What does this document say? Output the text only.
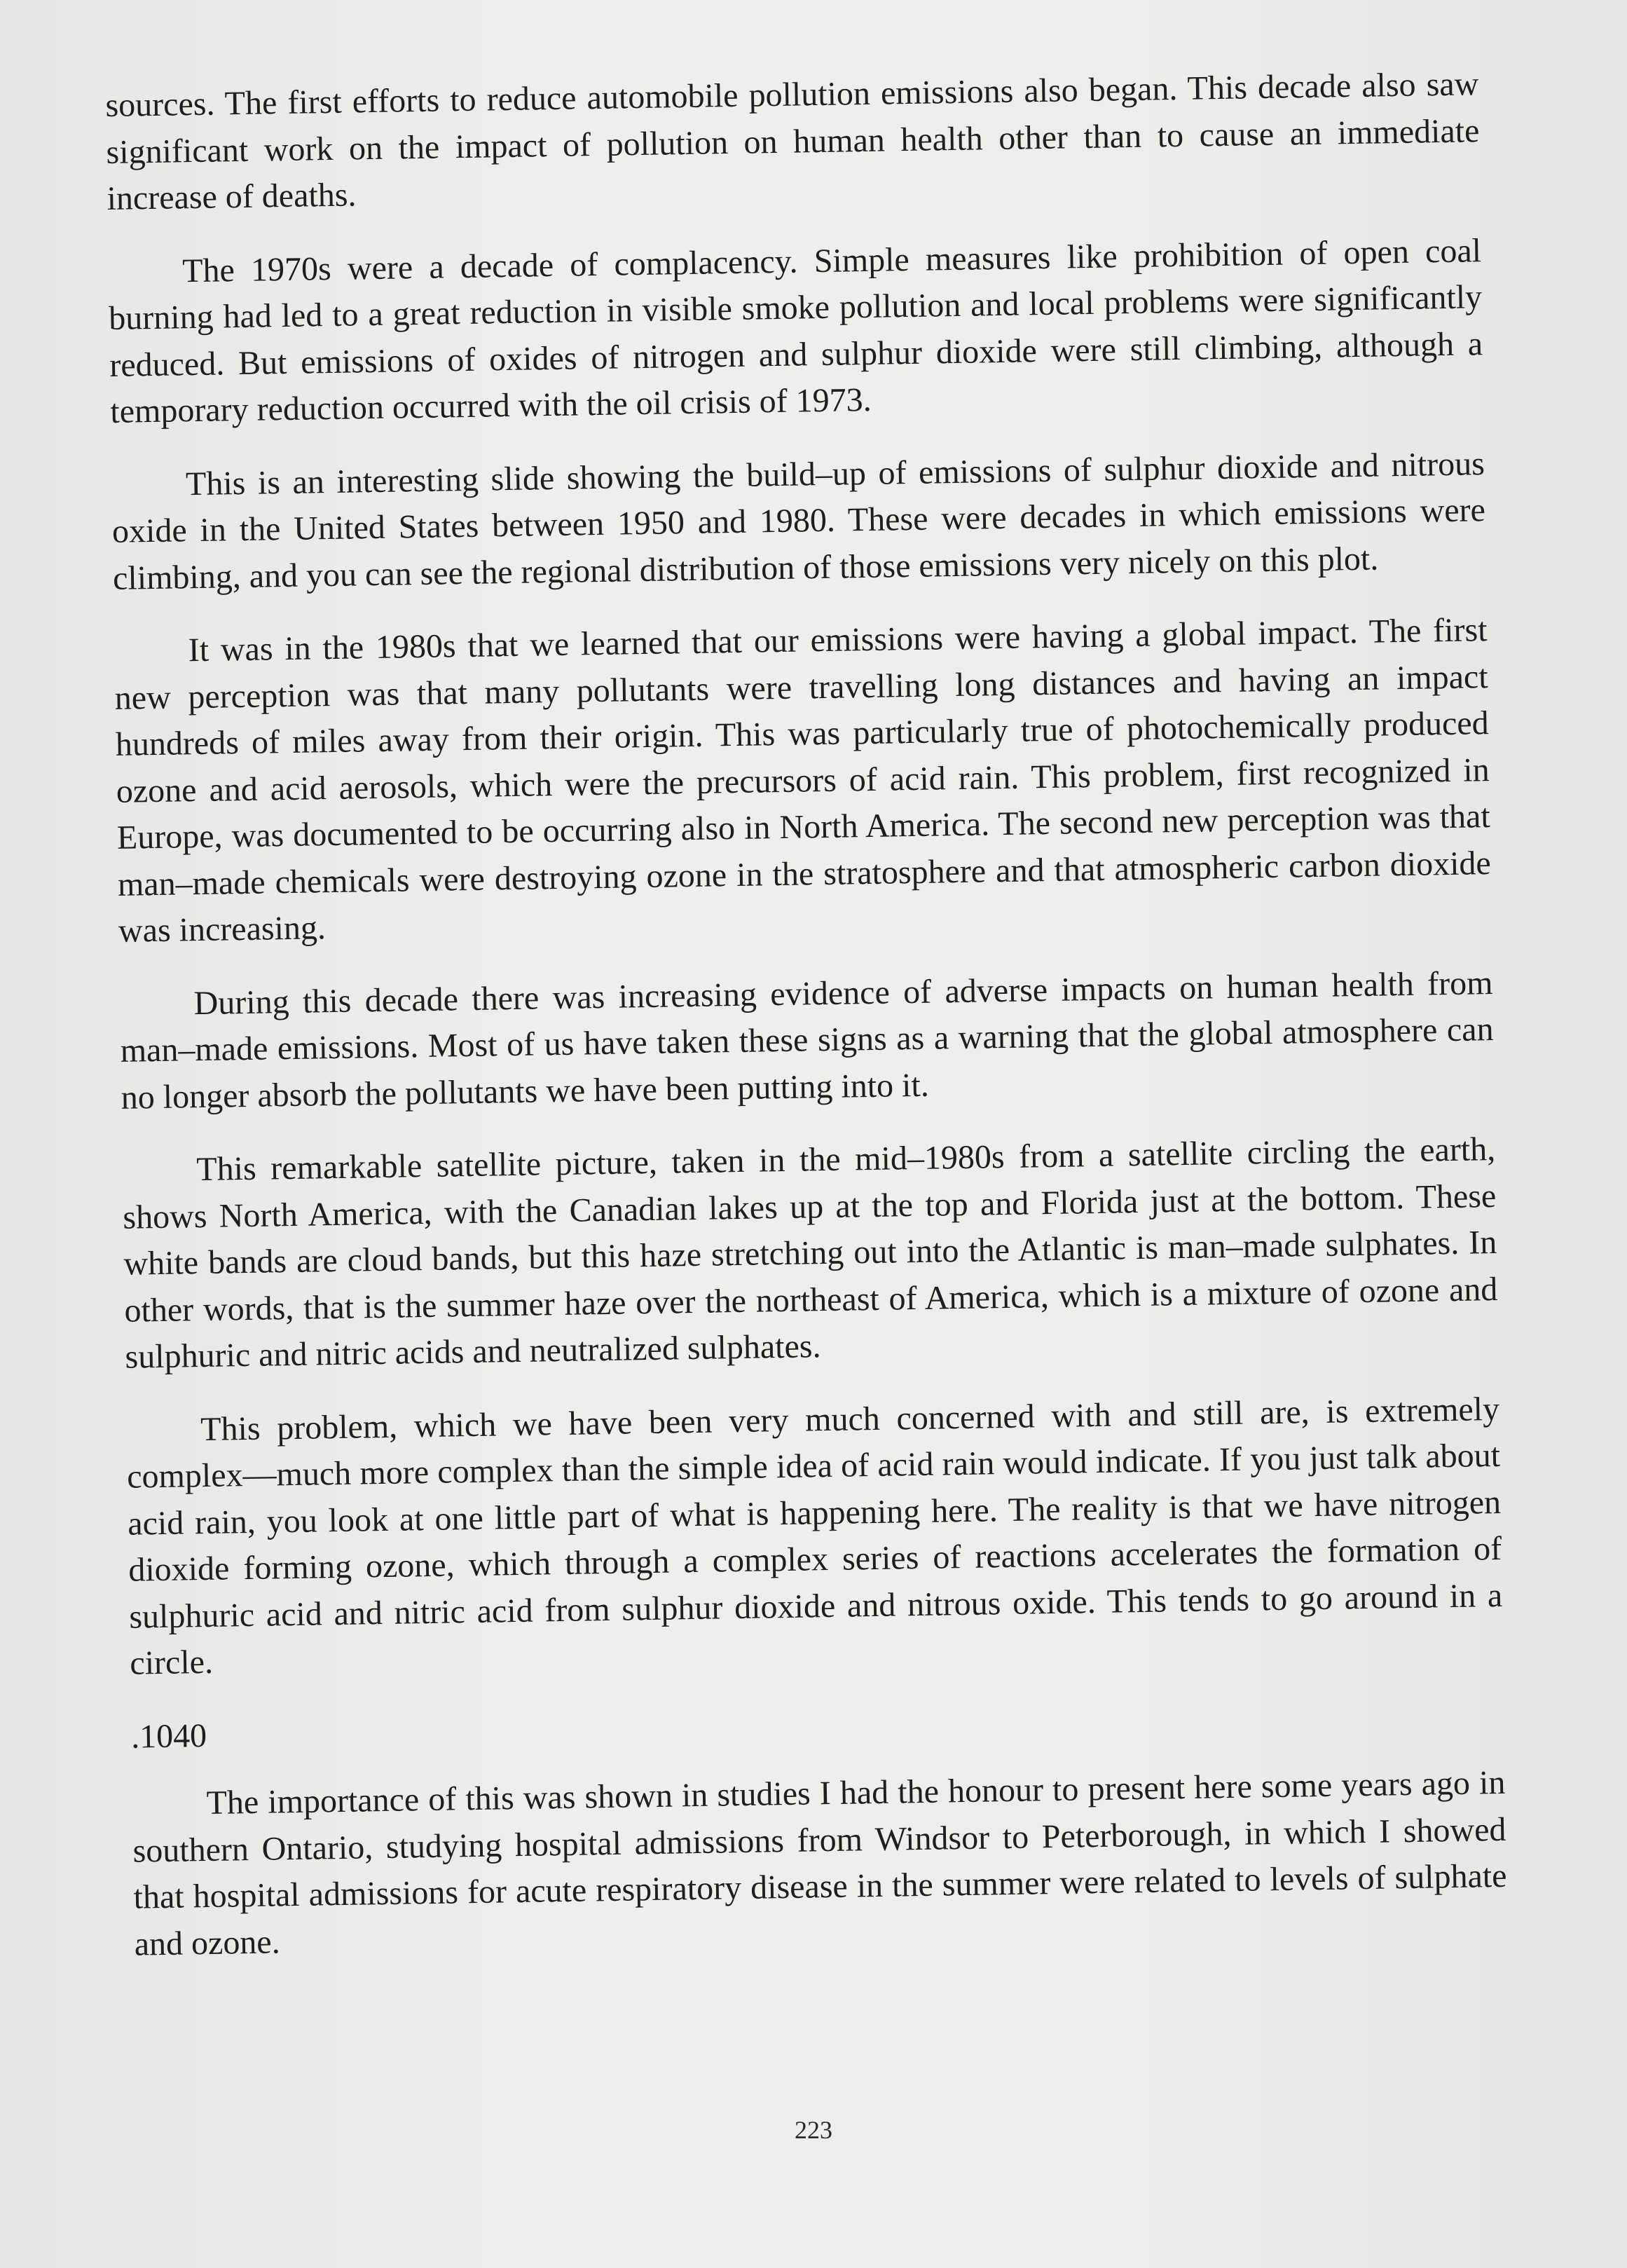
sources. The first efforts to reduce automobile pollution emissions also began. This decade also saw significant work on the impact of pollution on human health other than to cause an immediate increase of deaths.

The 1970s were a decade of complacency. Simple measures like prohibition of open coal burning had led to a great reduction in visible smoke pollution and local problems were significantly reduced. But emissions of oxides of nitrogen and sulphur dioxide were still climbing, although a temporary reduction occurred with the oil crisis of 1973.

This is an interesting slide showing the build–up of emissions of sulphur dioxide and nitrous oxide in the United States between 1950 and 1980. These were decades in which emissions were climbing, and you can see the regional distribution of those emissions very nicely on this plot.

It was in the 1980s that we learned that our emissions were having a global impact. The first new perception was that many pollutants were travelling long distances and having an impact hundreds of miles away from their origin. This was particularly true of photochemically produced ozone and acid aerosols, which were the precursors of acid rain. This problem, first recognized in Europe, was documented to be occurring also in North America. The second new perception was that man–made chemicals were destroying ozone in the stratosphere and that atmospheric carbon dioxide was increasing.

During this decade there was increasing evidence of adverse impacts on human health from man–made emissions. Most of us have taken these signs as a warning that the global atmosphere can no longer absorb the pollutants we have been putting into it.

This remarkable satellite picture, taken in the mid–1980s from a satellite circling the earth, shows North America, with the Canadian lakes up at the top and Florida just at the bottom. These white bands are cloud bands, but this haze stretching out into the Atlantic is man–made sulphates. In other words, that is the summer haze over the northeast of America, which is a mixture of ozone and sulphuric and nitric acids and neutralized sulphates.

This problem, which we have been very much concerned with and still are, is extremely complex—much more complex than the simple idea of acid rain would indicate. If you just talk about acid rain, you look at one little part of what is happening here. The reality is that we have nitrogen dioxide forming ozone, which through a complex series of reactions accelerates the formation of sulphuric acid and nitric acid from sulphur dioxide and nitrous oxide. This tends to go around in a circle.

.1040

The importance of this was shown in studies I had the honour to present here some years ago in southern Ontario, studying hospital admissions from Windsor to Peterborough, in which I showed that hospital admissions for acute respiratory disease in the summer were related to levels of sulphate and ozone.

223
